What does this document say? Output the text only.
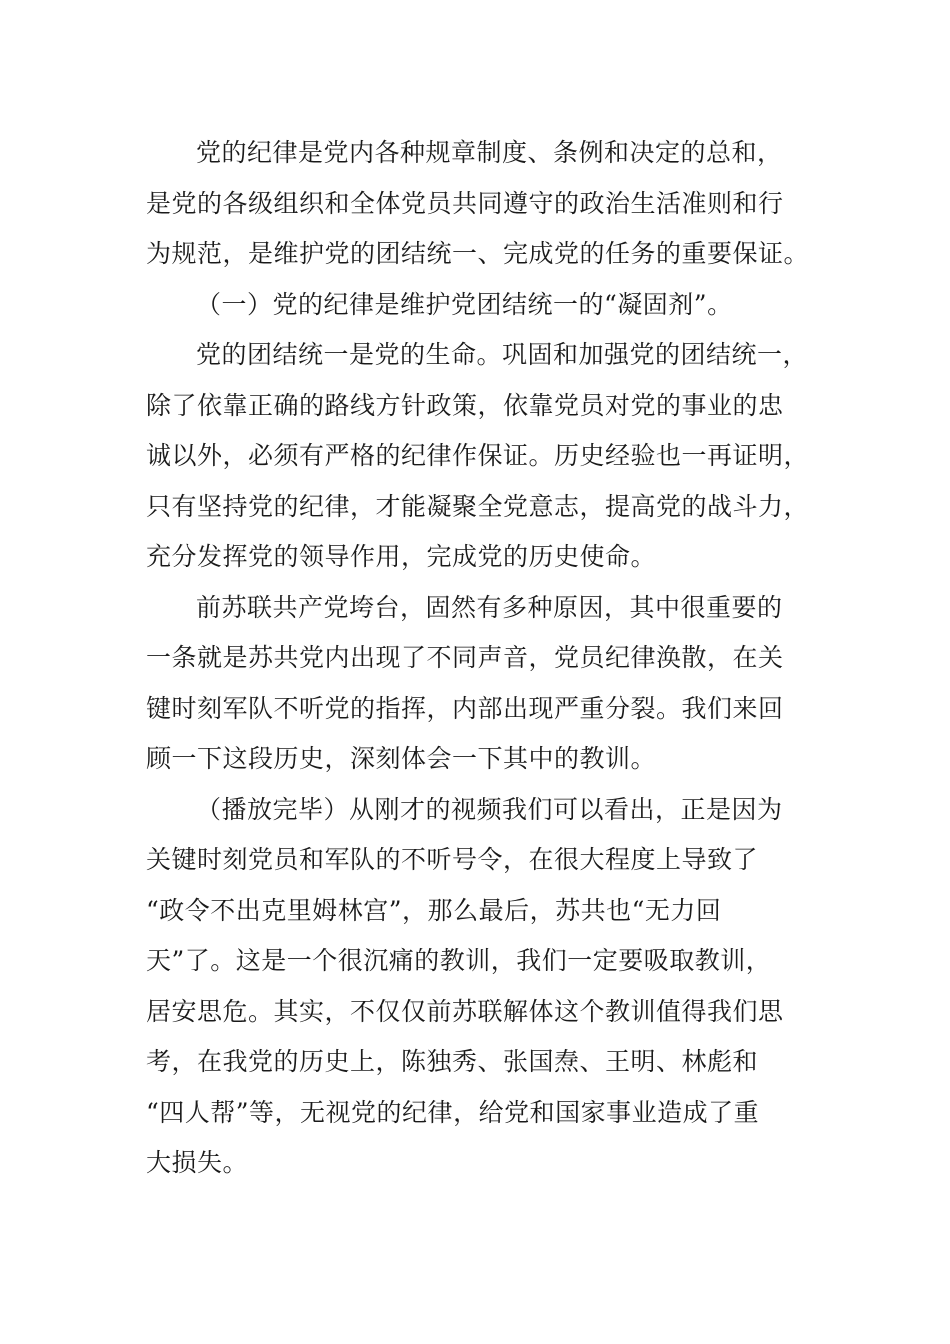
党的纪律是党内各种规章制度、条例和决定的总和，
是党的各级组织和全体党员共同遵守的政治生活准则和行
为规范，是维护党的团结统一、完成党的任务的重要保证。
（一）党的纪律是维护党团结统一的“凝固剂”。
党的团结统一是党的生命。巩固和加强党的团结统一，
除了依靠正确的路线方针政策，依靠党员对党的事业的忠
诚以外，必须有严格的纪律作保证。历史经验也一再证明，
只有坚持党的纪律，才能凝聚全党意志，提高党的战斗力，
充分发挥党的领导作用，完成党的历史使命。
前苏联共产党垮台，固然有多种原因，其中很重要的
一条就是苏共党内出现了不同声音，党员纪律涣散，在关
键时刻军队不听党的指挥，内部出现严重分裂。我们来回
顾一下这段历史，深刻体会一下其中的教训。
（播放完毕）从刚才的视频我们可以看出，正是因为
关键时刻党员和军队的不听号令，在很大程度上导致了
“政令不出克里姆林宫”，那么最后，苏共也“无力回
天”了。这是一个很沉痛的教训，我们一定要吸取教训，
居安思危。其实，不仅仅前苏联解体这个教训值得我们思
考，在我党的历史上，陈独秀、张国焘、王明、林彪和
“四人帮”等，无视党的纪律，给党和国家事业造成了重
大损失。
